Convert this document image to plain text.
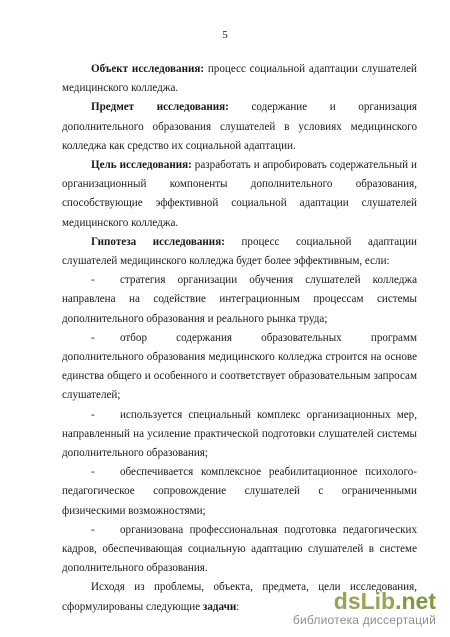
5

Объект исследования: процесс социальной адаптации слушателей медицинского колледжа.

Предмет исследования: содержание и организация дополнительного образования слушателей в условиях медицинского колледжа как средство их социальной адаптации.

Цель исследования: разработать и апробировать содержательный и организационный компоненты дополнительного образования, способствующие эффективной социальной адаптации слушателей медицинского колледжа.

Гипотеза исследования: процесс социальной адаптации слушателей медицинского колледжа будет более эффективным, если:

- стратегия организации обучения слушателей колледжа направлена на содействие интеграционным процессам системы дополнительного образования и реального рынка труда;

- отбор содержания образовательных программ дополнительного образования медицинского колледжа строится на основе единства общего и особенного и соответствует образовательным запросам слушателей;

- используется специальный комплекс организационных мер, направленный на усиление практической подготовки слушателей системы дополнительного образования;

- обеспечивается комплексное реабилитационное психолого-педагогическое сопровождение слушателей с ограниченными физическими возможностями;

- организована профессиональная подготовка педагогических кадров, обеспечивающая социальную адаптацию слушателей в системе дополнительного образования.

Исходя из проблемы, объекта, предмета, цели исследования, сформулированы следующие задачи:	dsLib.net
библиотека диссертаций
